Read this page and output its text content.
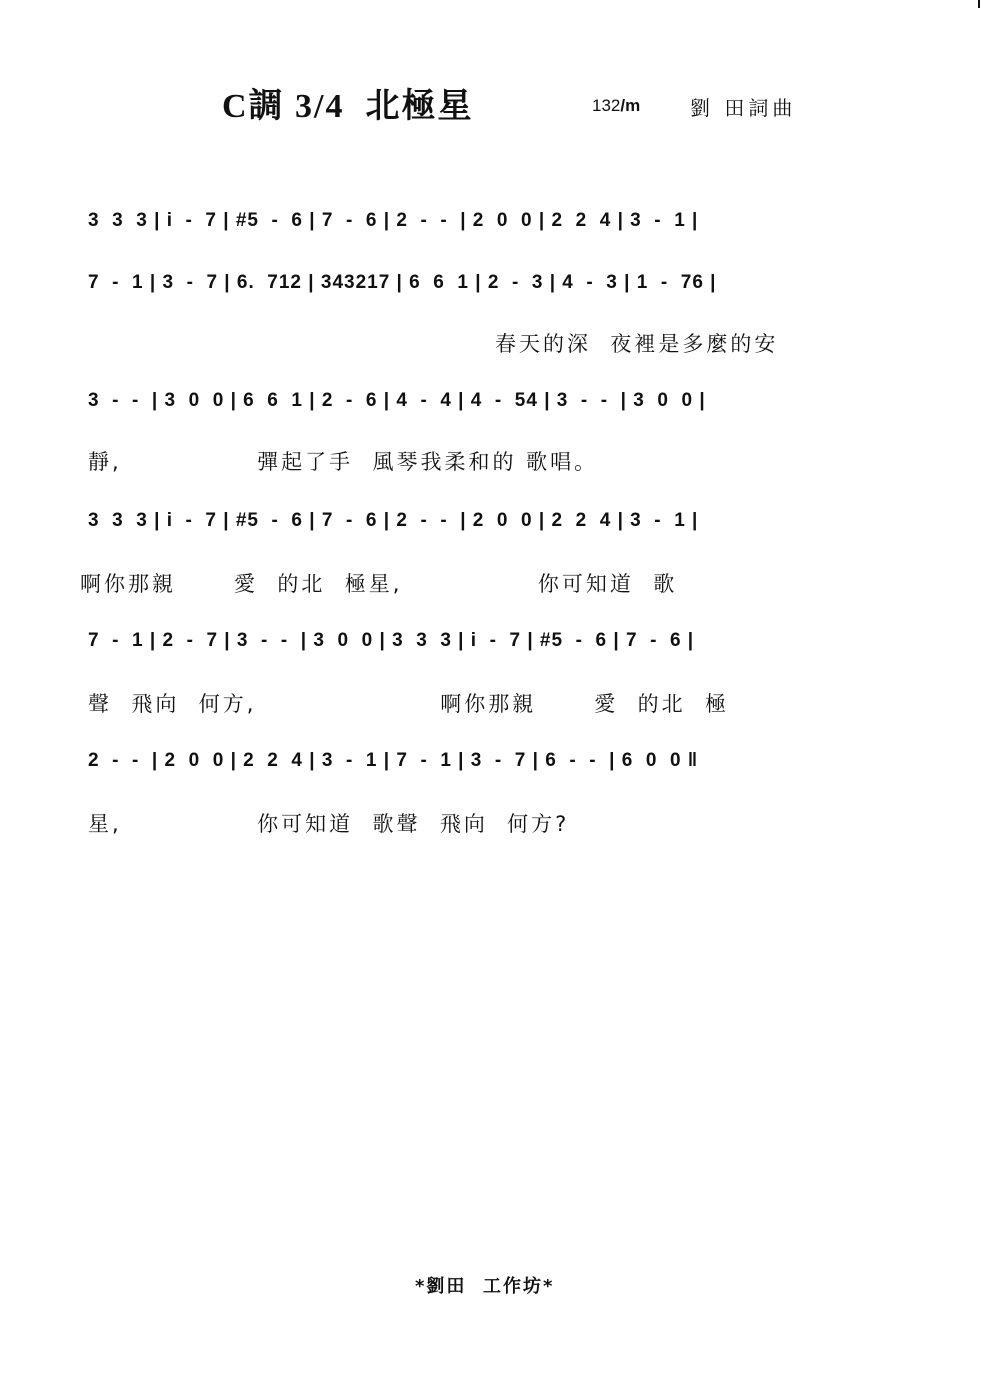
C調 3/4  北極星	132/m 劉 田詞曲
3  3  3 | i  -  7 | #5  -  6 | 7  -  6 | 2  -  -  | 2  0  0 | 2  2  4 | 3  -  1 |
7  -  1 | 3  -  7 | 6.  712 | 343217 | 6  6  1 | 2  -  3 | 4  -  3 | 1  -  76 |
春天的深  夜裡是多麼的安
3  -  -  | 3  0  0 | 6  6  1 | 2  -  6 | 4  -  4 | 4  -  54 | 3  -  -  | 3  0  0 |
靜,              彈起了手  風琴我柔和的 歌唱。
3  3  3 | i  -  7 | #5  -  6 | 7  -  6 | 2  -  -  | 2  0  0 | 2  2  4 | 3  -  1 |
啊你那親      愛  的北  極星,              你可知道  歌
7  -  1 | 2  -  7 | 3  -  -  | 3  0  0 | 3  3  3 | i  -  7 | #5  -  6 | 7  -  6 |
聲  飛向  何方,                   啊你那親      愛  的北  極
2  -  -  | 2  0  0 | 2  2  4 | 3  -  1 | 7  -  1 | 3  -  7 | 6  -  -  | 6  0  0 ‖
星,              你可知道  歌聲  飛向  何方?
*劉田  工作坊*
